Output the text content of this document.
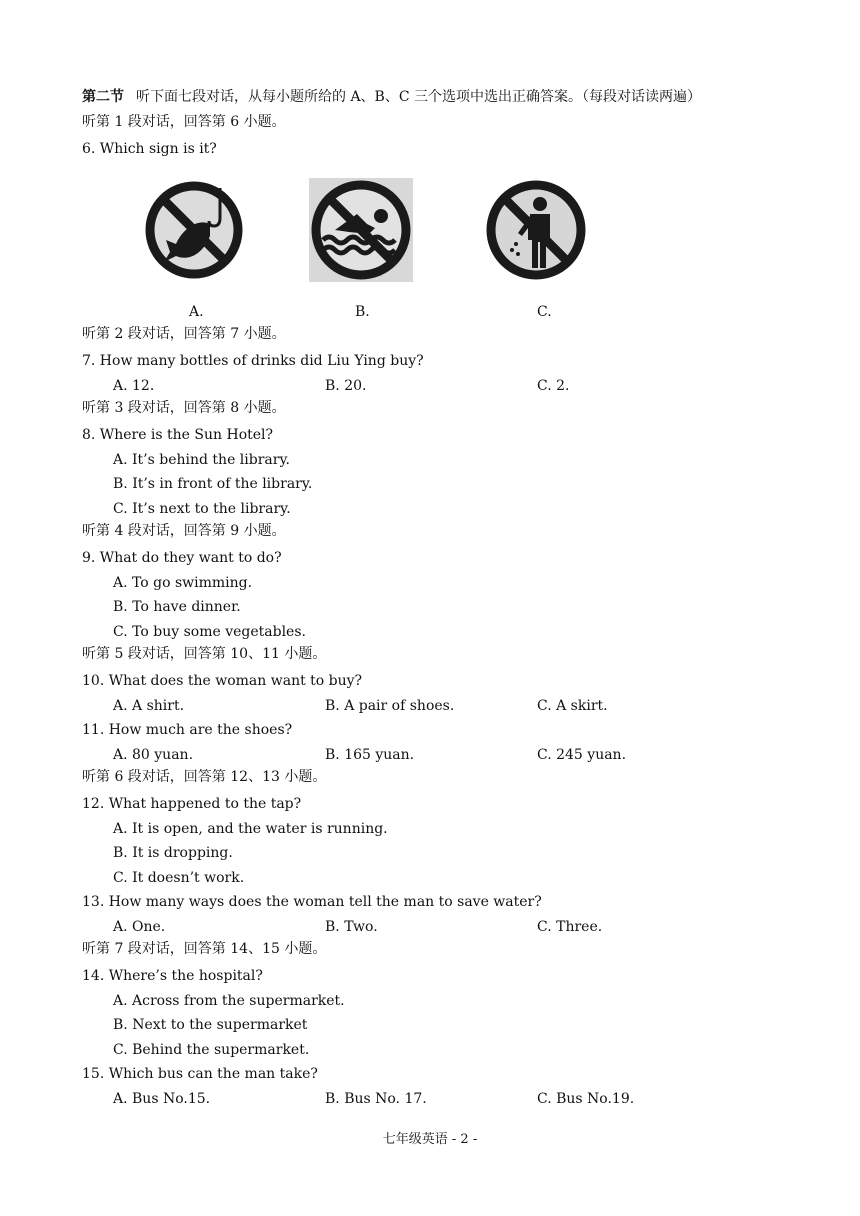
第二节 听下面七段对话，从每小题所给的 A、B、C 三个选项中选出正确答案。（每段对话读两遍）
听第 1 段对话，回答第 6 小题。
6. Which sign is it?
A.	B.	C.
听第 2 段对话，回答第 7 小题。
7. How many bottles of drinks did Liu Ying buy?
A. 12.	B. 20.	C. 2.
听第 3 段对话，回答第 8 小题。
8. Where is the Sun Hotel?
A. It’s behind the library.
B. It’s in front of the library.
C. It’s next to the library.
听第 4 段对话，回答第 9 小题。
9. What do they want to do?
A. To go swimming.
B. To have dinner.
C. To buy some vegetables.
听第 5 段对话，回答第 10、11 小题。
10. What does the woman want to buy?
A. A shirt.	B. A pair of shoes.	C. A skirt.
11. How much are the shoes?
A. 80 yuan.	B. 165 yuan.	C. 245 yuan.
听第 6 段对话，回答第 12、13 小题。
12. What happened to the tap?
A. It is open, and the water is running.
B. It is dropping.
C. It doesn’t work.
13. How many ways does the woman tell the man to save water?
A. One.	B. Two.	C. Three.
听第 7 段对话，回答第 14、15 小题。
14. Where’s the hospital?
A. Across from the supermarket.
B. Next to the supermarket
C. Behind the supermarket.
15. Which bus can the man take?
A. Bus No.15.	B. Bus No. 17.	C. Bus No.19.
七年级英语 - 2 -
